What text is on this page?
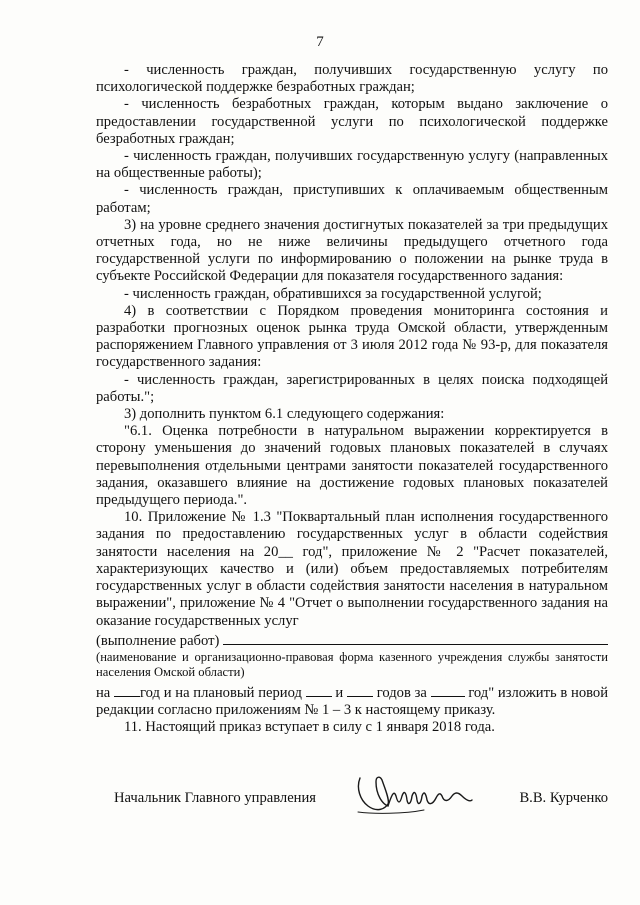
7

- численность граждан, получивших государственную услугу по психологической поддержке безработных граждан;

- численность безработных граждан, которым выдано заключение о предоставлении государственной услуги по психологической поддержке безработных граждан;

- численность граждан, получивших государственную услугу (направленных на общественные работы);

- численность граждан, приступивших к оплачиваемым общественным работам;

3) на уровне среднего значения достигнутых показателей за три предыдущих отчетных года, но не ниже величины предыдущего отчетного года государственной услуги по информированию о положении на рынке труда в субъекте Российской Федерации для показателя государственного задания:

- численность граждан, обратившихся за государственной услугой;

4) в соответствии с Порядком проведения мониторинга состояния и разработки прогнозных оценок рынка труда Омской области, утвержденным распоряжением Главного управления от 3 июля 2012 года № 93-р, для показателя государственного задания:

- численность граждан, зарегистрированных в целях поиска подходящей работы.";

3) дополнить пунктом 6.1 следующего содержания:

"6.1. Оценка потребности в натуральном выражении корректируется в сторону уменьшения до значений годовых плановых показателей в случаях перевыполнения отдельными центрами занятости показателей государственного задания, оказавшего влияние на достижение годовых плановых показателей предыдущего периода.".

10. Приложение № 1.3 "Поквартальный план исполнения государственного задания по предоставлению государственных услуг в области содействия занятости населения на 20__ год", приложение № 2 "Расчет показателей, характеризующих качество и (или) объем предоставляемых потребителям государственных услуг в области содействия занятости населения в натуральном выражении", приложение № 4 "Отчет о выполнении государственного задания на оказание государственных услуг

(выполнение работ)

(наименование и организационно-правовая форма казенного учреждения службы занятости населения Омской области)

на год и на плановый период и годов за	год" изложить в новой редакции согласно приложениям № 1 – 3 к настоящему приказу.

11. Настоящий приказ вступает в силу с 1 января 2018 года.

Начальник Главного управления	В.В. Курченко
